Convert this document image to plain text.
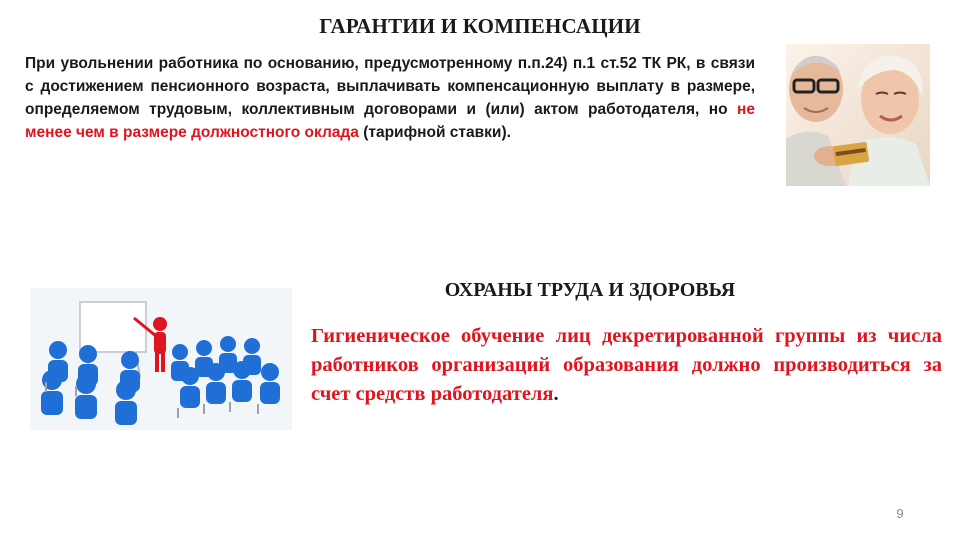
ГАРАНТИИ И КОМПЕНСАЦИИ
При увольнении работника по основанию, предусмотренному п.п.24) п.1 ст.52 ТК РК, в связи с достижением пенсионного возраста, выплачивать компенсационную выплату в размере, определяемом трудовым, коллективным договорами и (или) актом работодателя, но не менее чем в размере должностного оклада (тарифной ставки).
ОХРАНЫ ТРУДА И ЗДОРОВЬЯ
Гигиеническое обучение лиц декретированной группы из числа работников организаций образования должно производиться за счет средств работодателя.
9
